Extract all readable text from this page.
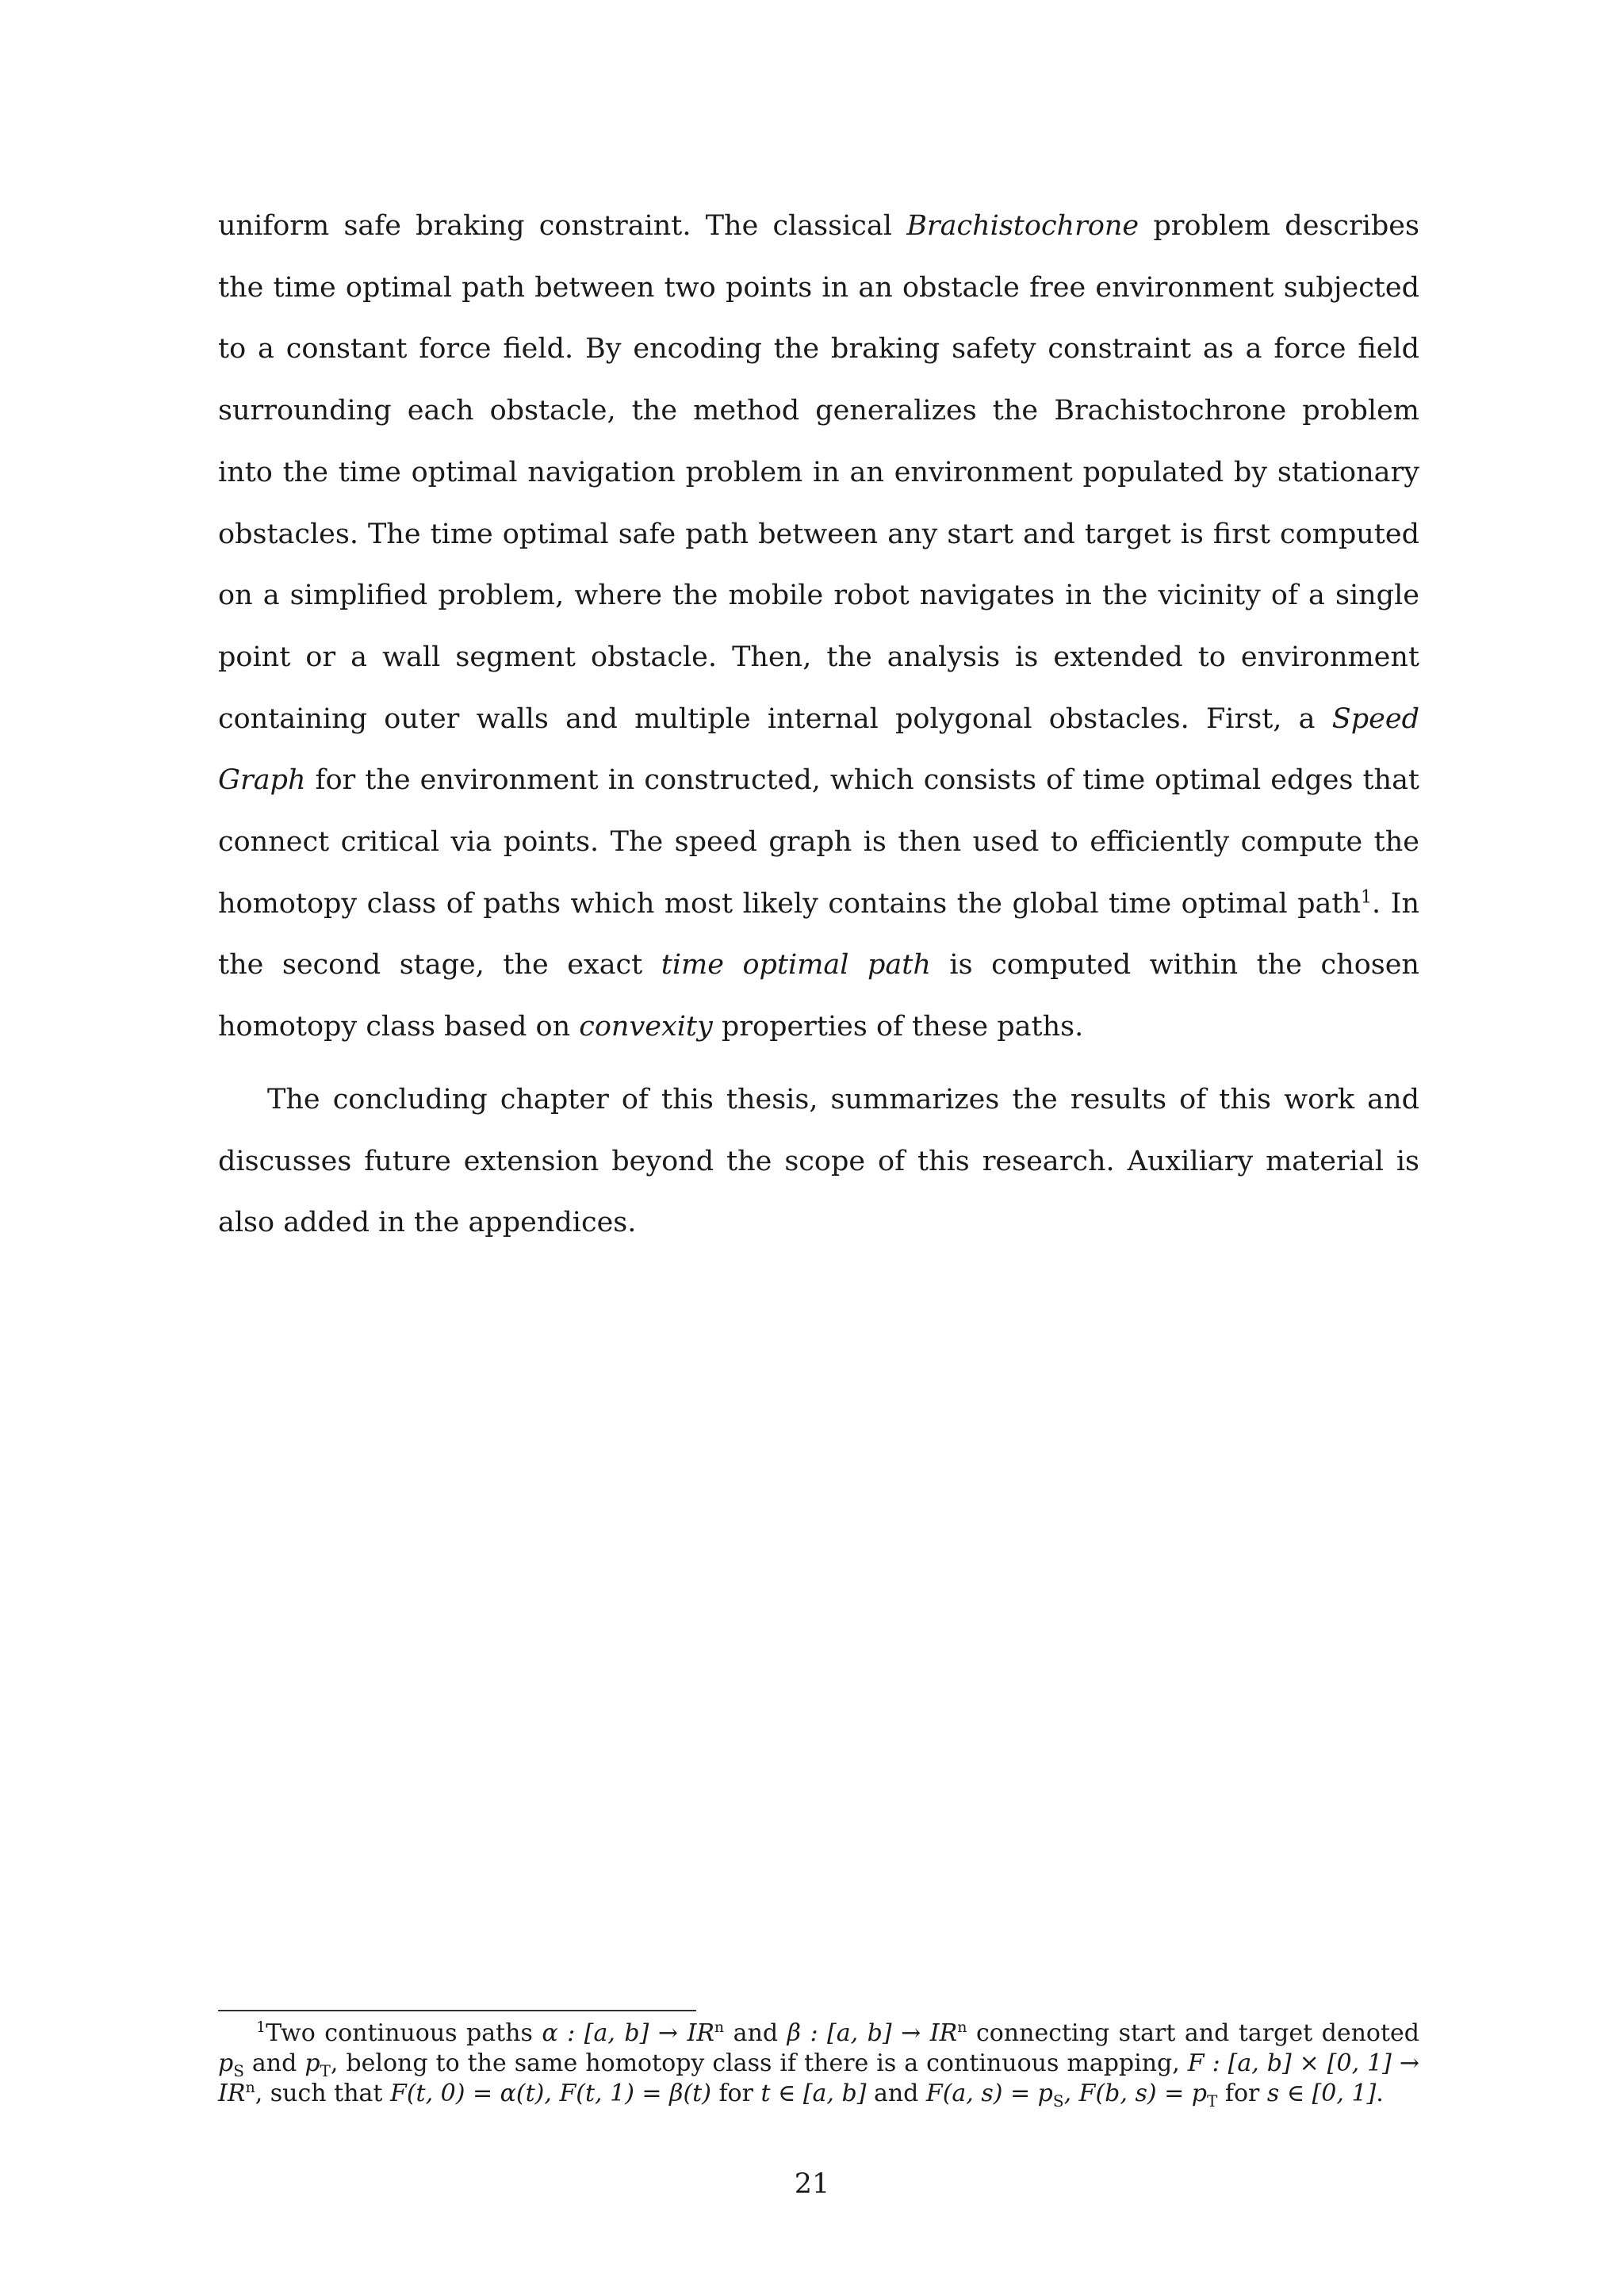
uniform safe braking constraint. The classical Brachistochrone problem describes the time optimal path between two points in an obstacle free environment subjected to a constant force field. By encoding the braking safety constraint as a force field surrounding each obstacle, the method generalizes the Brachistochrone problem into the time optimal navigation problem in an environment populated by stationary obstacles. The time optimal safe path between any start and target is first computed on a simplified problem, where the mobile robot navigates in the vicinity of a single point or a wall segment obstacle. Then, the analysis is extended to environment containing outer walls and multiple internal polygonal obstacles. First, a Speed Graph for the environment in constructed, which consists of time optimal edges that connect critical via points. The speed graph is then used to efficiently compute the homotopy class of paths which most likely contains the global time optimal path$^1$. In the second stage, the exact time optimal path is computed within the chosen homotopy class based on convexity properties of these paths.

The concluding chapter of this thesis, summarizes the results of this work and discusses future extension beyond the scope of this research. Auxiliary material is also added in the appendices.

$^1$Two continuous paths α : [a, $b] \to IR^n$ and β : [a, $b] \to IR^n$ connecting start and target denoted $p_S$ and $p_T$, belong to the same homotopy class if there is a continuous mapping, F : [a, b] × [0, $1] \to IR^n$, such that F(t, 0) = α(t), F(t, 1) = β(t) for t ∈ [a, b] and F(a, $s) = p_S$, F(b, $s) = p_T$ for s ∈ [0, 1].

21
